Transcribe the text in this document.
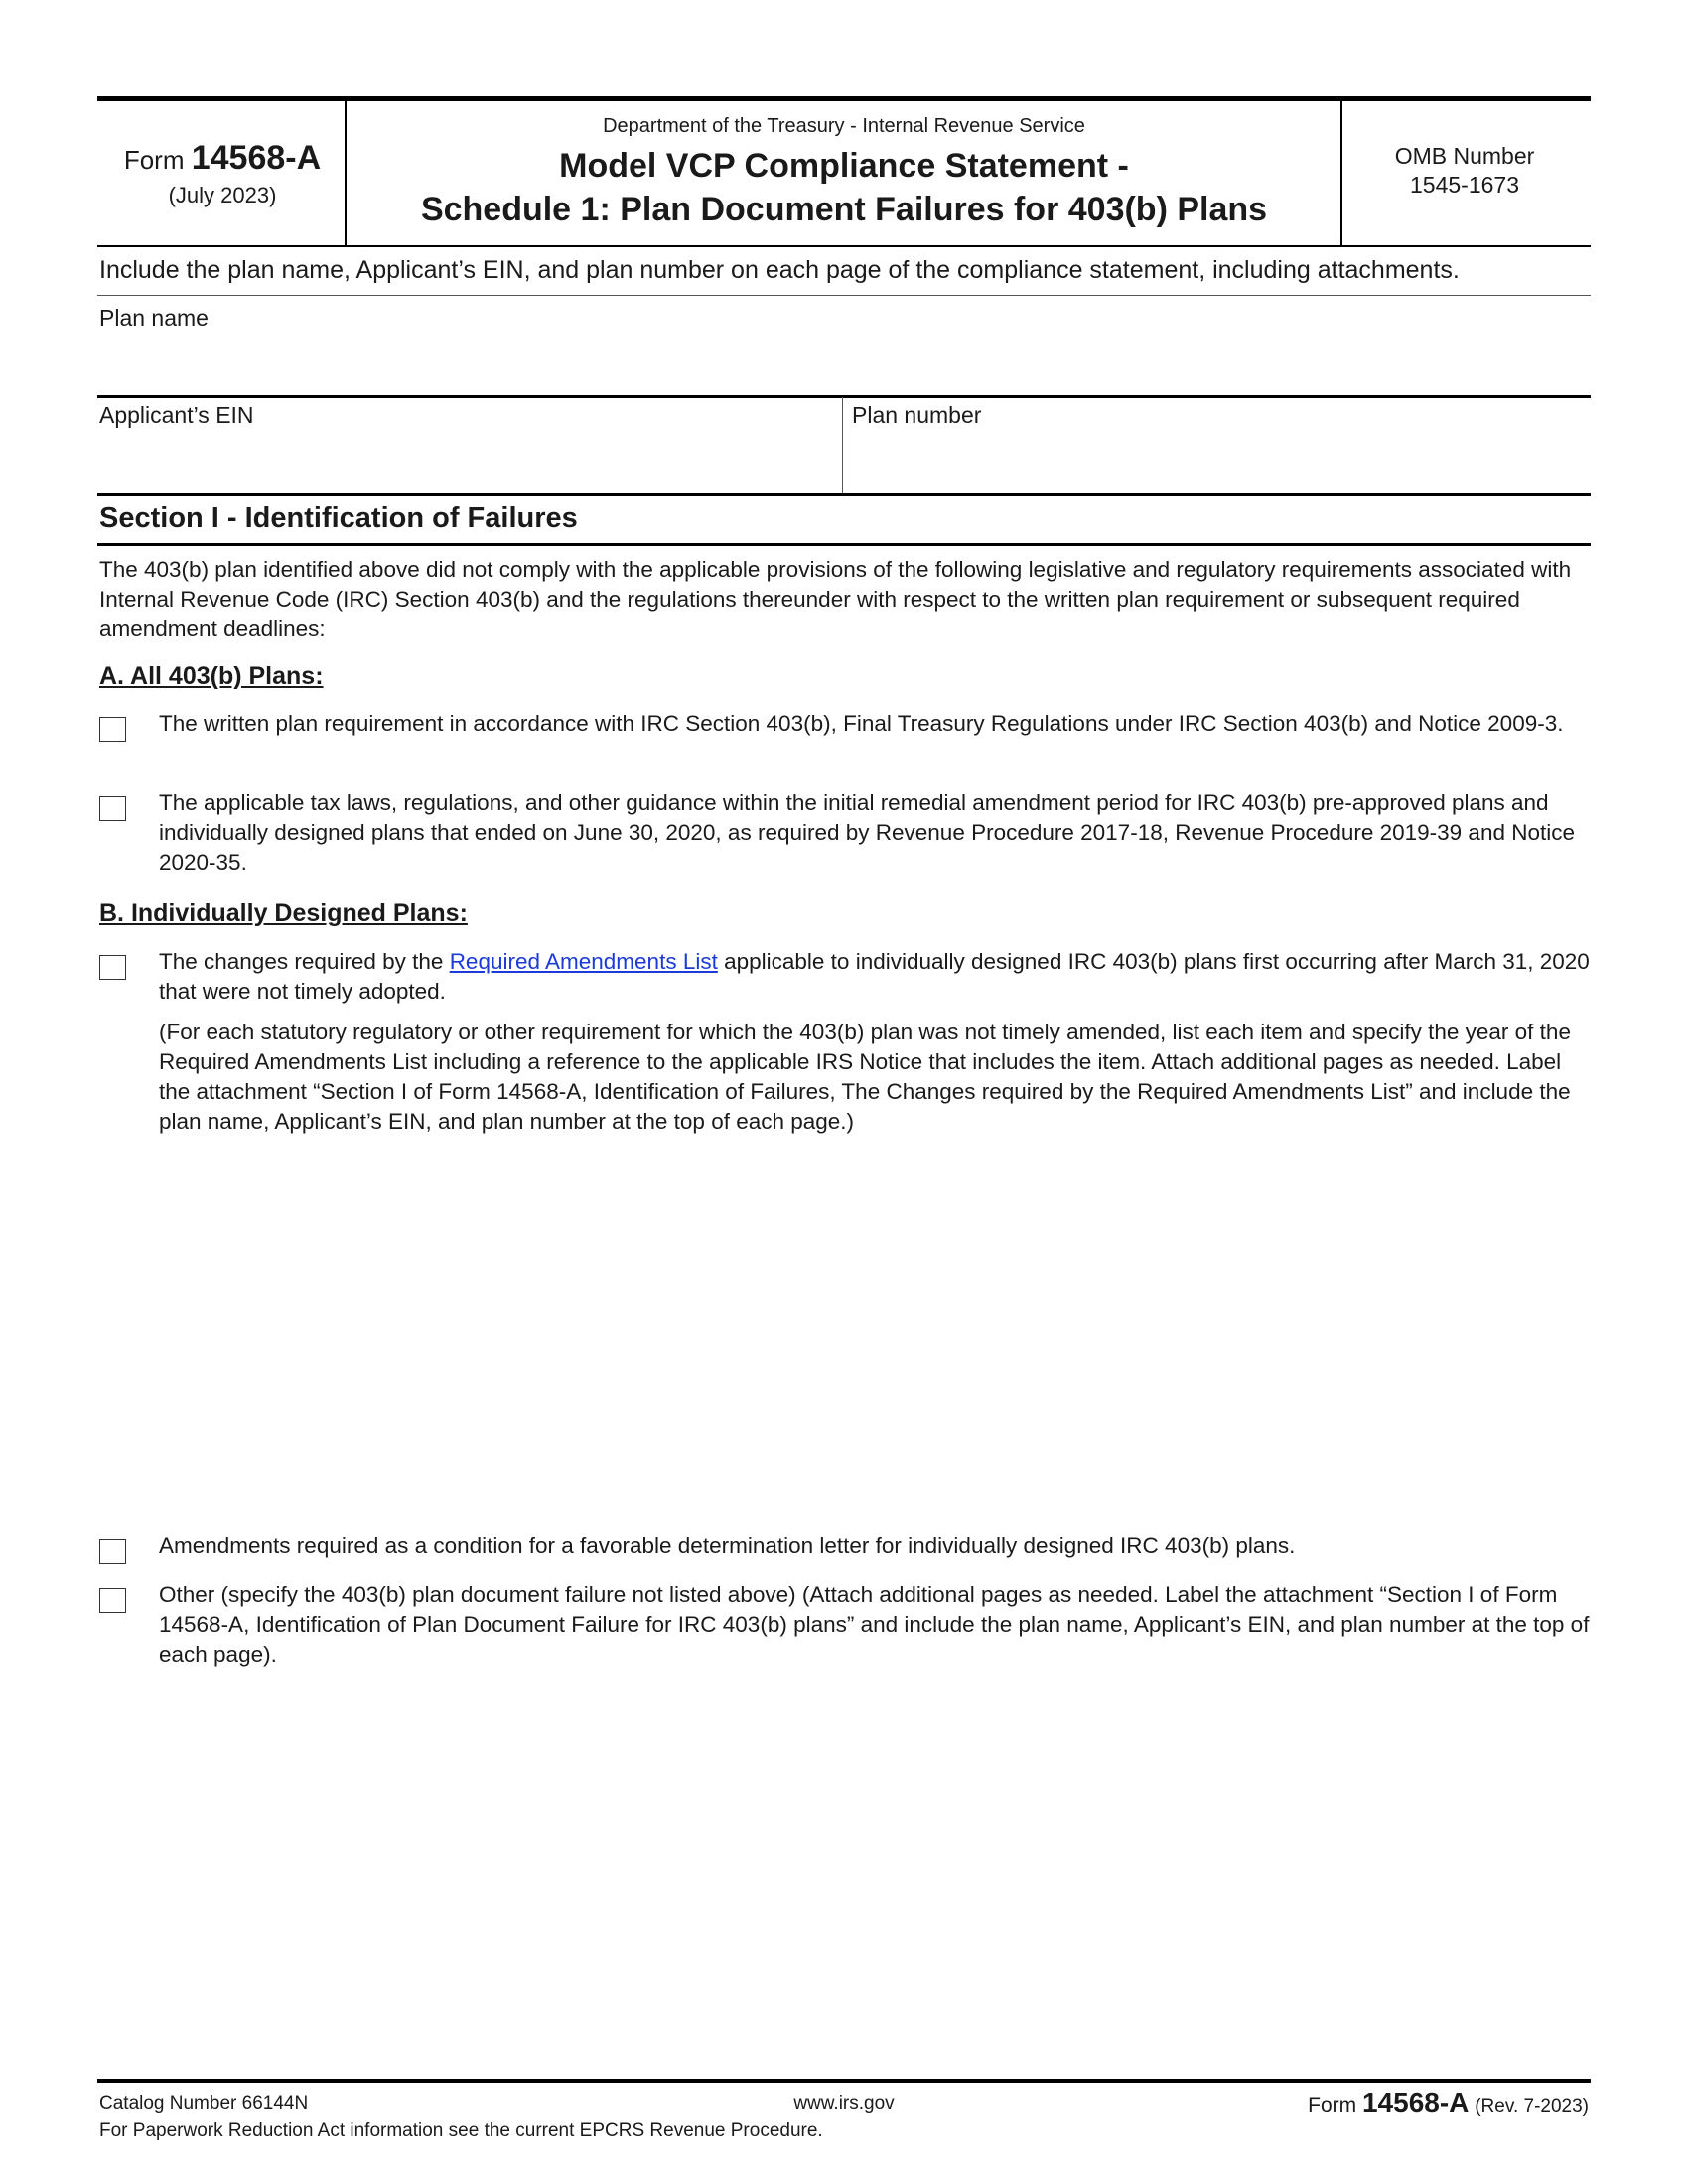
Form 14568-A
(July 2023)
Department of the Treasury - Internal Revenue Service
Model VCP Compliance Statement -
Schedule 1: Plan Document Failures for 403(b) Plans
OMB Number
1545-1673
Include the plan name, Applicant’s EIN, and plan number on each page of the compliance statement, including attachments.
Plan name
Applicant’s EIN	Plan number
Section I - Identification of Failures
The 403(b) plan identified above did not comply with the applicable provisions of the following legislative and regulatory requirements associated with Internal Revenue Code (IRC) Section 403(b) and the regulations thereunder with respect to the written plan requirement or subsequent required amendment deadlines:
A. All 403(b) Plans:
The written plan requirement in accordance with IRC Section 403(b), Final Treasury Regulations under IRC Section 403(b) and Notice 2009-3.
The applicable tax laws, regulations, and other guidance within the initial remedial amendment period for IRC 403(b) pre-approved plans and individually designed plans that ended on June 30, 2020, as required by Revenue Procedure 2017-18, Revenue Procedure 2019-39 and Notice 2020-35.
B. Individually Designed Plans:
The changes required by the Required Amendments List applicable to individually designed IRC 403(b) plans first occurring after March 31, 2020 that were not timely adopted.
(For each statutory regulatory or other requirement for which the 403(b) plan was not timely amended, list each item and specify the year of the Required Amendments List including a reference to the applicable IRS Notice that includes the item. Attach additional pages as needed. Label the attachment “Section I of Form 14568-A, Identification of Failures, The Changes required by the Required Amendments List” and include the plan name, Applicant’s EIN, and plan number at the top of each page.)
Amendments required as a condition for a favorable determination letter for individually designed IRC 403(b) plans.
Other (specify the 403(b) plan document failure not listed above) (Attach additional pages as needed. Label the attachment “Section I of Form 14568-A, Identification of Plan Document Failure for IRC 403(b) plans” and include the plan name, Applicant’s EIN, and plan number at the top of each page).
Catalog Number 66144N	www.irs.gov
For Paperwork Reduction Act information see the current EPCRS Revenue Procedure.
Form 14568-A (Rev. 7-2023)
